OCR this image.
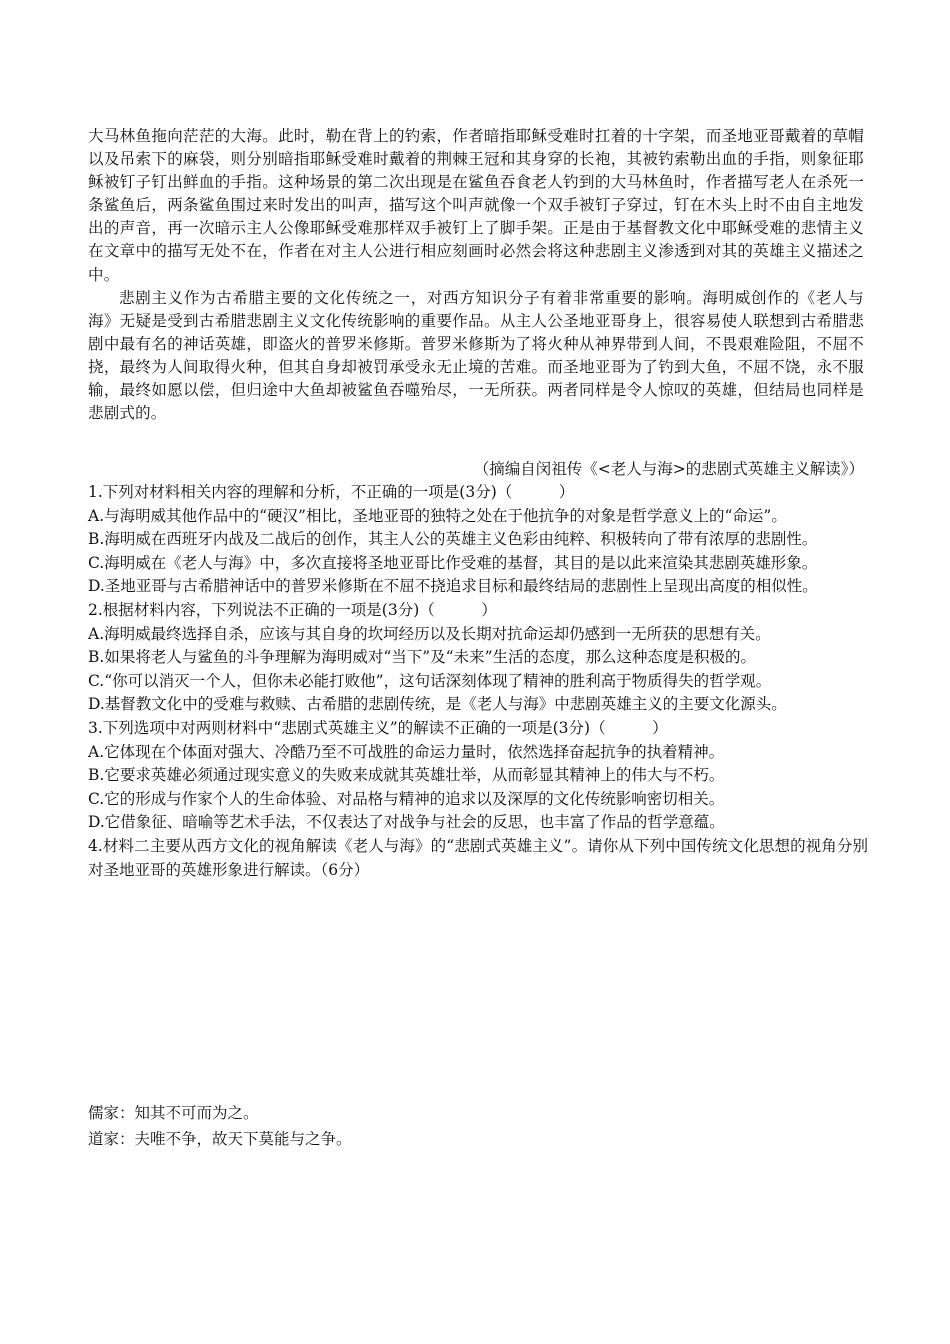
大马林鱼拖向茫茫的大海。此时，勒在背上的钓索，作者暗指耶稣受难时扛着的十字架，而圣地亚哥戴着的草帽以及吊索下的麻袋，则分别暗指耶稣受难时戴着的荆棘王冠和其身穿的长袍，其被钓索勒出血的手指，则象征耶稣被钉子钉出鲜血的手指。这种场景的第二次出现是在鲨鱼吞食老人钓到的大马林鱼时，作者描写老人在杀死一条鲨鱼后，两条鲨鱼围过来时发出的叫声，描写这个叫声就像一个双手被钉子穿过，钉在木头上时不由自主地发出的声音，再一次暗示主人公像耶稣受难那样双手被钉上了脚手架。正是由于基督教文化中耶稣受难的悲情主义在文章中的描写无处不在，作者在对主人公进行相应刻画时必然会将这种悲剧主义渗透到对其的英雄主义描述之中。

悲剧主义作为古希腊主要的文化传统之一，对西方知识分子有着非常重要的影响。海明威创作的《老人与海》无疑是受到古希腊悲剧主义文化传统影响的重要作品。从主人公圣地亚哥身上，很容易使人联想到古希腊悲剧中最有名的神话英雄，即盗火的普罗米修斯。普罗米修斯为了将火种从神界带到人间，不畏艰难险阻，不屈不挠，最终为人间取得火种，但其自身却被罚承受永无止境的苦难。而圣地亚哥为了钓到大鱼，不屈不饶，永不服输，最终如愿以偿，但归途中大鱼却被鲨鱼吞噬殆尽，一无所获。两者同样是令人惊叹的英雄，但结局也同样是悲剧式的。

（摘编自闵祖传《<老人与海>的悲剧式英雄主义解读》）
1.下列对材料相关内容的理解和分析，不正确的一项是(3分)（　　　）
A.与海明威其他作品中的“硬汉”相比，圣地亚哥的独特之处在于他抗争的对象是哲学意义上的“命运”。
B.海明威在西班牙内战及二战后的创作，其主人公的英雄主义色彩由纯粹、积极转向了带有浓厚的悲剧性。
C.海明威在《老人与海》中，多次直接将圣地亚哥比作受难的基督，其目的是以此来渲染其悲剧英雄形象。
D.圣地亚哥与古希腊神话中的普罗米修斯在不屈不挠追求目标和最终结局的悲剧性上呈现出高度的相似性。
2.根据材料内容，下列说法不正确的一项是(3分)（　　　）
A.海明威最终选择自杀，应该与其自身的坎坷经历以及长期对抗命运却仍感到一无所获的思想有关。
B.如果将老人与鲨鱼的斗争理解为海明威对“当下”及“未来”生活的态度，那么这种态度是积极的。
C.“你可以消灭一个人，但你未必能打败他”，这句话深刻体现了精神的胜利高于物质得失的哲学观。
D.基督教文化中的受难与救赎、古希腊的悲剧传统，是《老人与海》中悲剧英雄主义的主要文化源头。
3.下列选项中对两则材料中“悲剧式英雄主义”的解读不正确的一项是(3分)（　　　）
A.它体现在个体面对强大、冷酷乃至不可战胜的命运力量时，依然选择奋起抗争的执着精神。
B.它要求英雄必须通过现实意义的失败来成就其英雄壮举，从而彰显其精神上的伟大与不朽。
C.它的形成与作家个人的生命体验、对品格与精神的追求以及深厚的文化传统影响密切相关。
D.它借象征、暗喻等艺术手法，不仅表达了对战争与社会的反思，也丰富了作品的哲学意蕴。
4.材料二主要从西方文化的视角解读《老人与海》的“悲剧式英雄主义”。请你从下列中国传统文化思想的视角分别对圣地亚哥的英雄形象进行解读。（6分）
儒家：知其不可而为之。
道家：夫唯不争，故天下莫能与之争。
